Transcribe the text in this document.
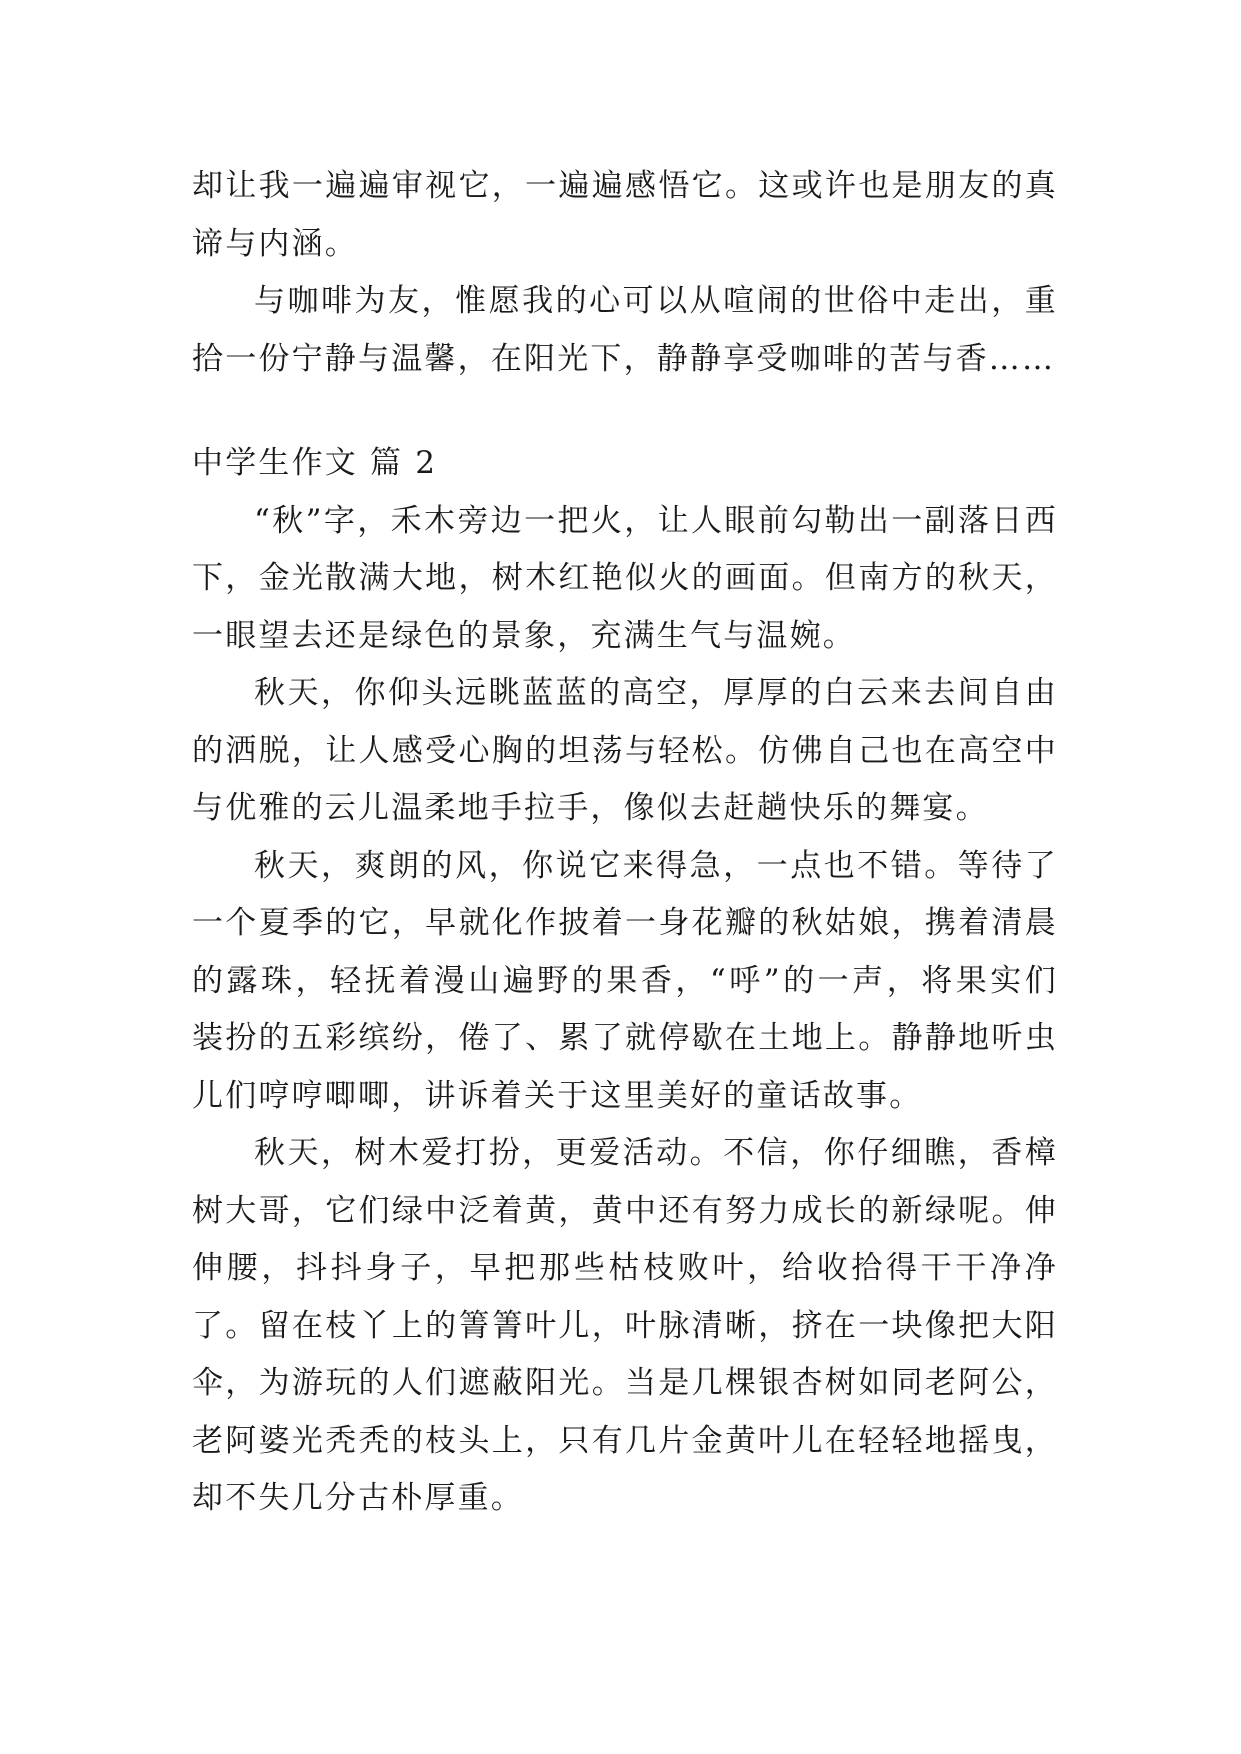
却让我一遍遍审视它，一遍遍感悟它。这或许也是朋友的真谛与内涵。

与咖啡为友，惟愿我的心可以从喧闹的世俗中走出，重拾一份宁静与温馨，在阳光下，静静享受咖啡的苦与香……

中学生作文 篇 2

“秋”字，禾木旁边一把火，让人眼前勾勒出一副落日西下，金光散满大地，树木红艳似火的画面。但南方的秋天，一眼望去还是绿色的景象，充满生气与温婉。

秋天，你仰头远眺蓝蓝的高空，厚厚的白云来去间自由的洒脱，让人感受心胸的坦荡与轻松。仿佛自己也在高空中与优雅的云儿温柔地手拉手，像似去赶趟快乐的舞宴。

秋天，爽朗的风，你说它来得急，一点也不错。等待了一个夏季的它，早就化作披着一身花瓣的秋姑娘，携着清晨的露珠，轻抚着漫山遍野的果香，“呼”的一声，将果实们装扮的五彩缤纷，倦了、累了就停歇在土地上。静静地听虫儿们哼哼唧唧，讲诉着关于这里美好的童话故事。

秋天，树木爱打扮，更爱活动。不信，你仔细瞧，香樟树大哥，它们绿中泛着黄，黄中还有努力成长的新绿呢。伸伸腰，抖抖身子，早把那些枯枝败叶，给收拾得干干净净了。留在枝丫上的箐箐叶儿，叶脉清晰，挤在一块像把大阳伞，为游玩的人们遮蔽阳光。当是几棵银杏树如同老阿公，老阿婆光秃秃的枝头上，只有几片金黄叶儿在轻轻地摇曳，却不失几分古朴厚重。
